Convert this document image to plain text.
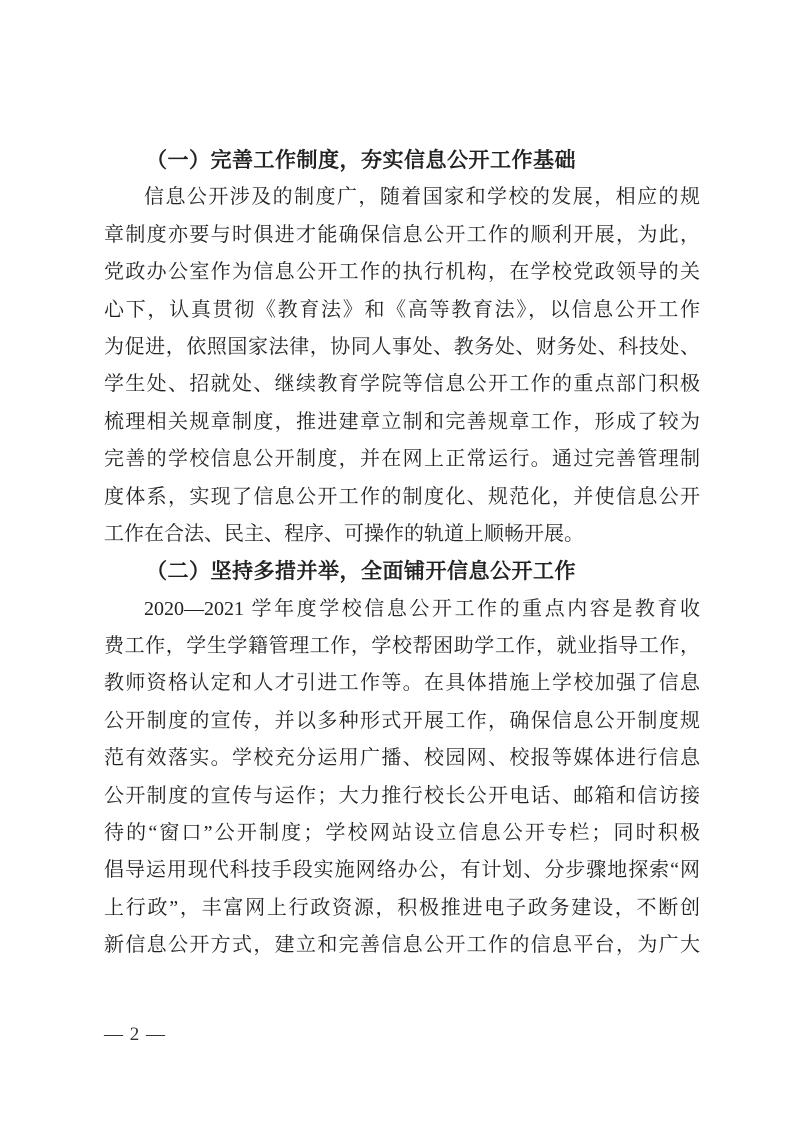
（一）完善工作制度，夯实信息公开工作基础
信息公开涉及的制度广，随着国家和学校的发展，相应的规
章制度亦要与时俱进才能确保信息公开工作的顺利开展，为此，
党政办公室作为信息公开工作的执行机构，在学校党政领导的关
心下，认真贯彻《教育法》和《高等教育法》，以信息公开工作
为促进，依照国家法律，协同人事处、教务处、财务处、科技处、
学生处、招就处、继续教育学院等信息公开工作的重点部门积极
梳理相关规章制度，推进建章立制和完善规章工作，形成了较为
完善的学校信息公开制度，并在网上正常运行。通过完善管理制
度体系，实现了信息公开工作的制度化、规范化，并使信息公开
工作在合法、民主、程序、可操作的轨道上顺畅开展。
（二）坚持多措并举，全面铺开信息公开工作
2020—2021 学年度学校信息公开工作的重点内容是教育收
费工作，学生学籍管理工作，学校帮困助学工作，就业指导工作，
教师资格认定和人才引进工作等。在具体措施上学校加强了信息
公开制度的宣传，并以多种形式开展工作，确保信息公开制度规
范有效落实。学校充分运用广播、校园网、校报等媒体进行信息
公开制度的宣传与运作；大力推行校长公开电话、邮箱和信访接
待的“窗口”公开制度；学校网站设立信息公开专栏；同时积极
倡导运用现代科技手段实施网络办公，有计划、分步骤地探索“网
上行政”，丰富网上行政资源，积极推进电子政务建设，不断创
新信息公开方式，建立和完善信息公开工作的信息平台，为广大
— 2 —
